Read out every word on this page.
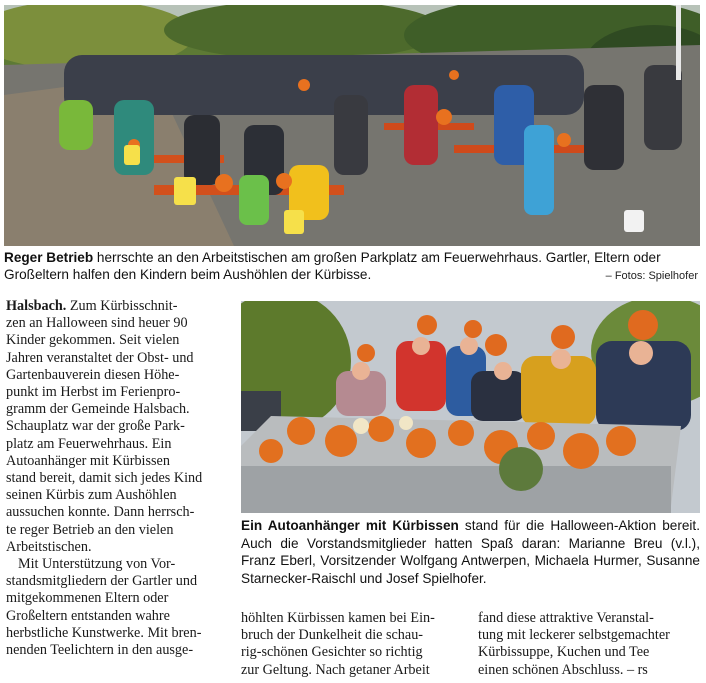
Reger Betrieb herrschte an den Arbeitstischen am großen Parkplatz am Feuerwehrhaus. Gartler, Eltern oder Großeltern halfen den Kindern beim Aushöhlen der Kürbisse.	– Fotos: Spielhofer

Halsbach. Zum Kürbisschnit-
zen an Halloween sind heuer 90
Kinder gekommen. Seit vielen
Jahren veranstaltet der Obst- und
Gartenbauverein diesen Höhe-
punkt im Herbst im Ferienpro-
gramm der Gemeinde Halsbach.
Schauplatz war der große Park-
platz am Feuerwehrhaus. Ein
Autoanhänger mit Kürbissen
stand bereit, damit sich jedes Kind
seinen Kürbis zum Aushöhlen
aussuchen konnte. Dann herrsch-
te reger Betrieb an den vielen
Arbeitstischen.

Mit Unterstützung von Vor-
standsmitgliedern der Gartler und
mitgekommenen Eltern oder
Großeltern entstanden wahre
herbstliche Kunstwerke. Mit bren-
nenden Teelichtern in den ausge-

Ein Autoanhänger mit Kürbissen stand für die Halloween-Aktion bereit. Auch die Vorstandsmitglieder hatten Spaß daran: Marianne Breu (v.l.), Franz Eberl, Vorsitzender Wolfgang Antwerpen, Michaela Hurmer, Susanne Starnecker-Raischl und Josef Spielhofer.
höhlten Kürbissen kamen bei Ein-
bruch der Dunkelheit die schau-
rig-schönen Gesichter so richtig
zur Geltung. Nach getaner Arbeit
fand diese attraktive Veranstal-
tung mit leckerer selbstgemachter
Kürbissuppe, Kuchen und Tee
einen schönen Abschluss. – rs
